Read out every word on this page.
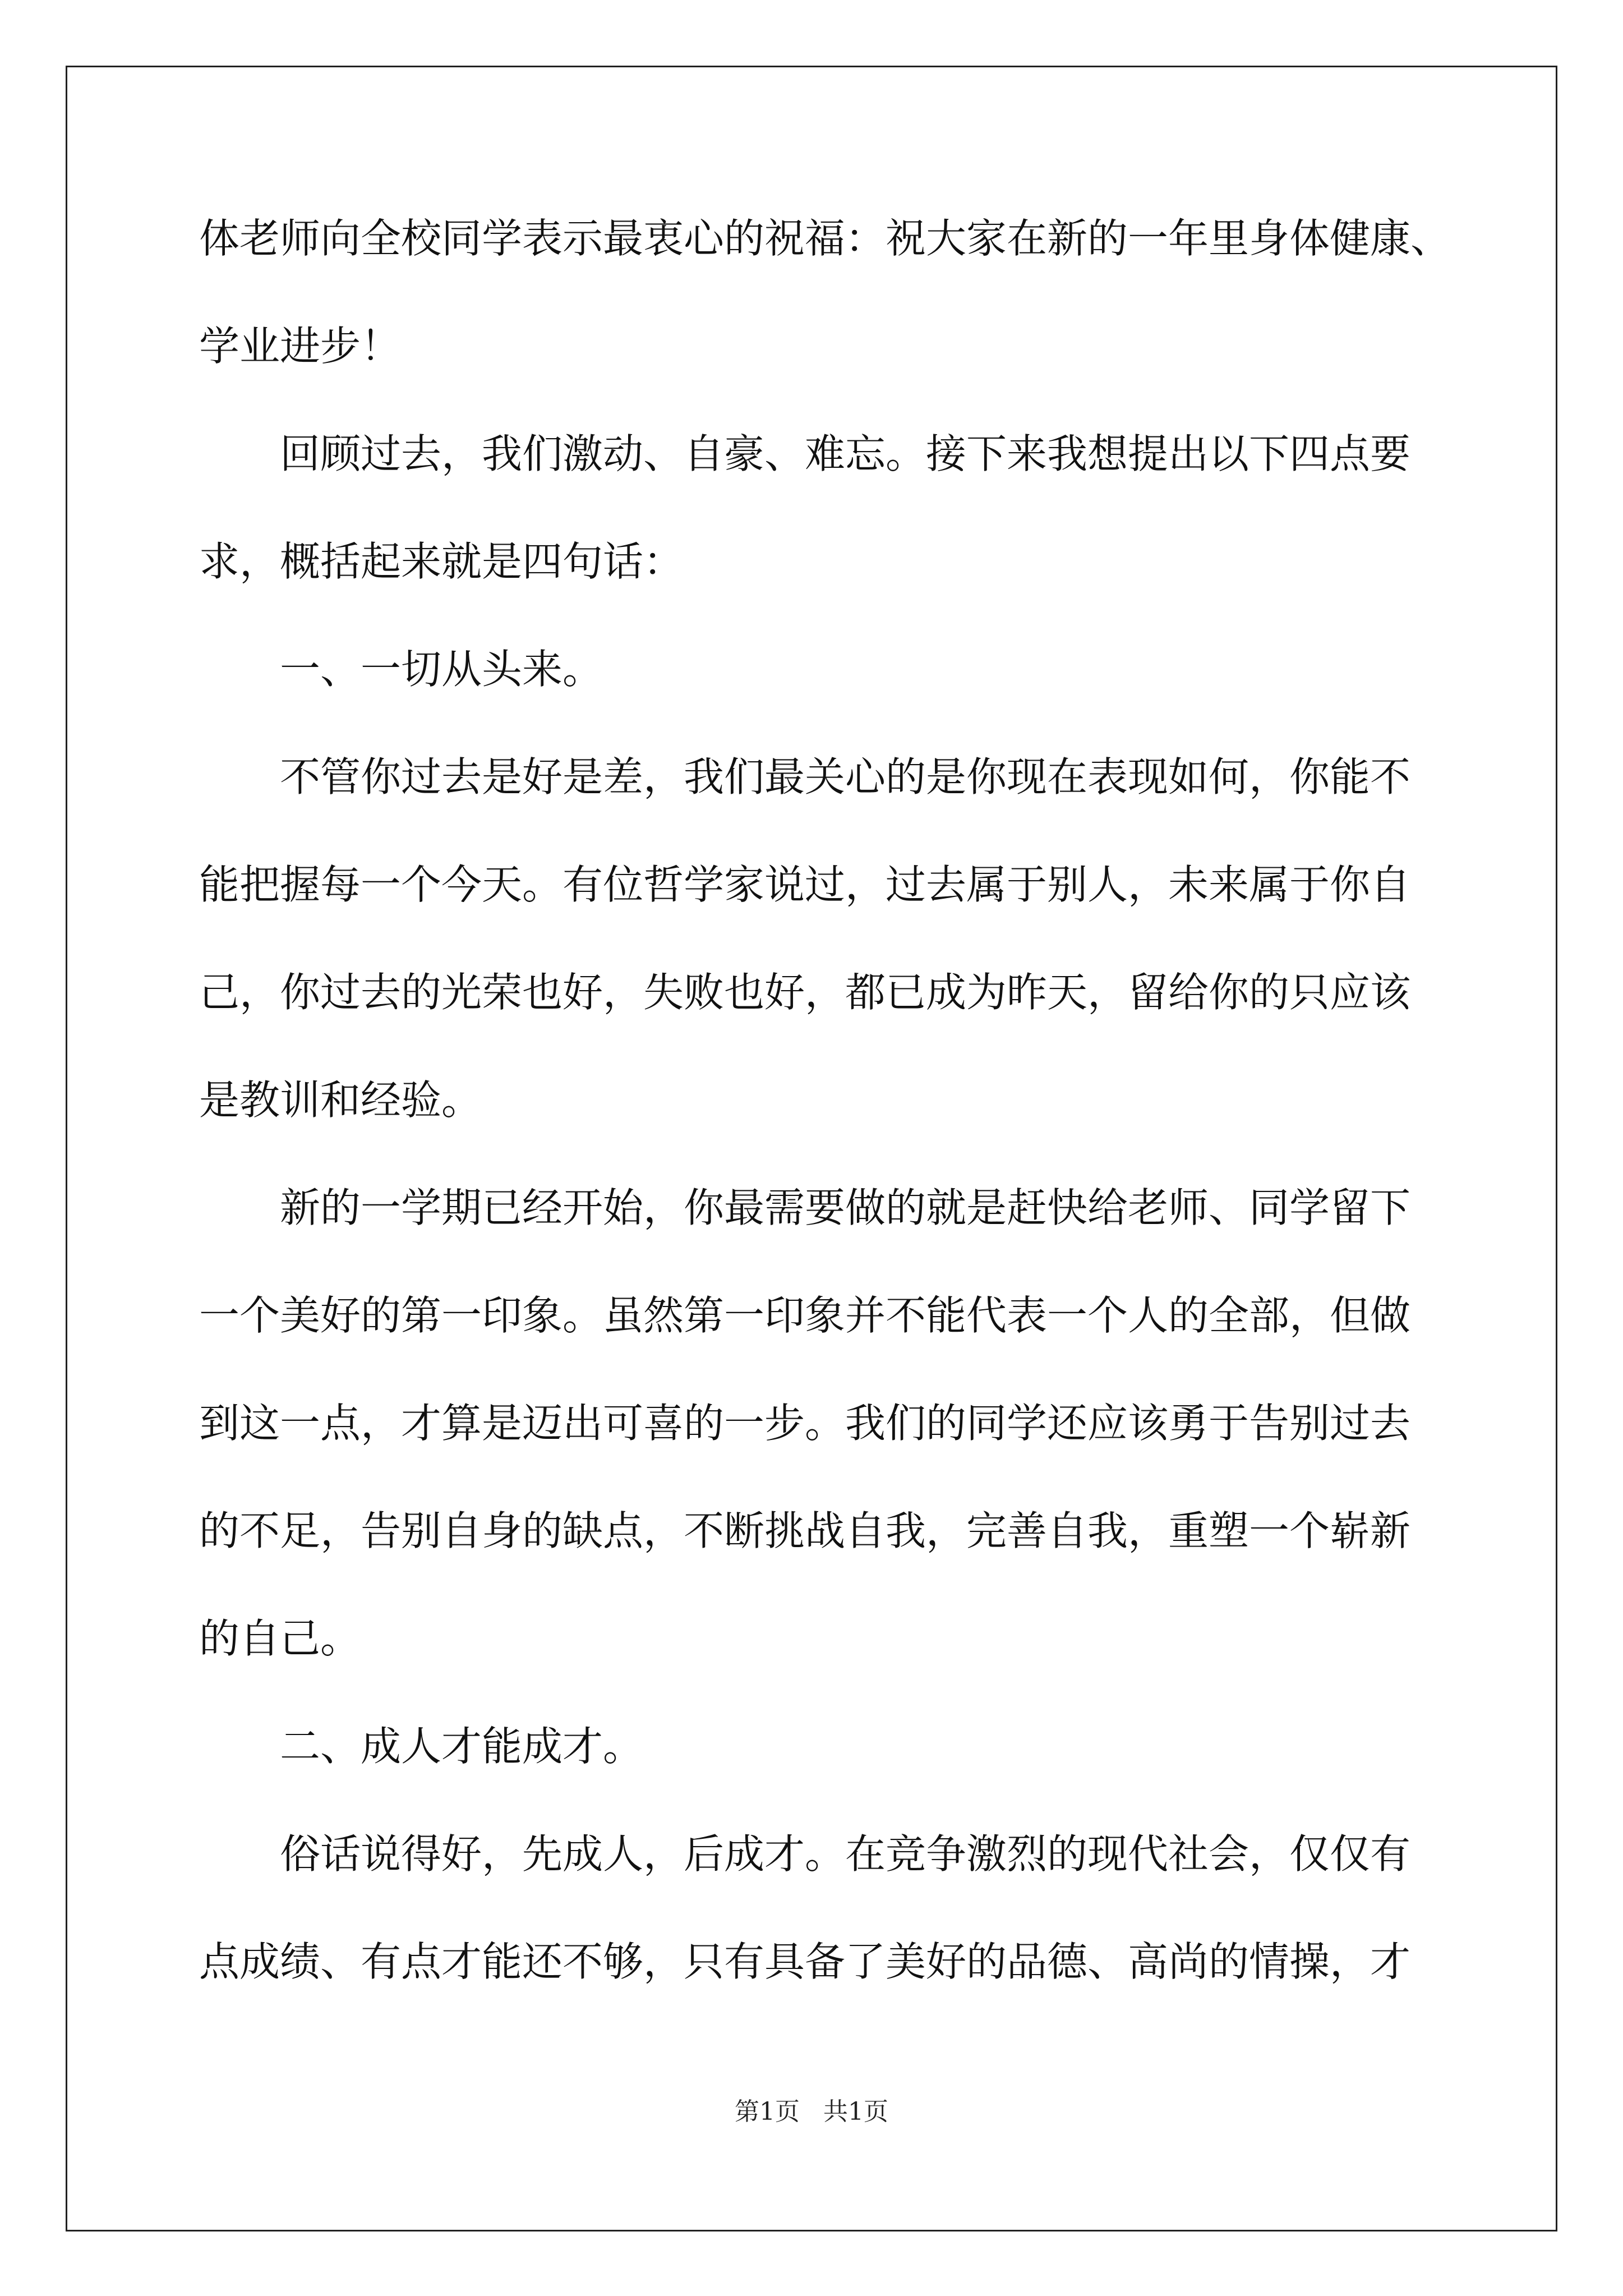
体老师向全校同学表示最衷心的祝福：祝大家在新的一年里身体健康、
学业进步！
回顾过去，我们激动、自豪、难忘。接下来我想提出以下四点要
求，概括起来就是四句话：
一、一切从头来。
不管你过去是好是差，我们最关心的是你现在表现如何，你能不
能把握每一个今天。有位哲学家说过，过去属于别人，未来属于你自
己，你过去的光荣也好，失败也好，都已成为昨天，留给你的只应该
是教训和经验。
新的一学期已经开始，你最需要做的就是赶快给老师、同学留下
一个美好的第一印象。虽然第一印象并不能代表一个人的全部，但做
到这一点，才算是迈出可喜的一步。我们的同学还应该勇于告别过去
的不足，告别自身的缺点，不断挑战自我，完善自我，重塑一个崭新
的自己。
二、成人才能成才。
俗话说得好，先成人，后成才。在竞争激烈的现代社会，仅仅有
点成绩、有点才能还不够，只有具备了美好的品德、高尚的情操，才
第1页   共1页
